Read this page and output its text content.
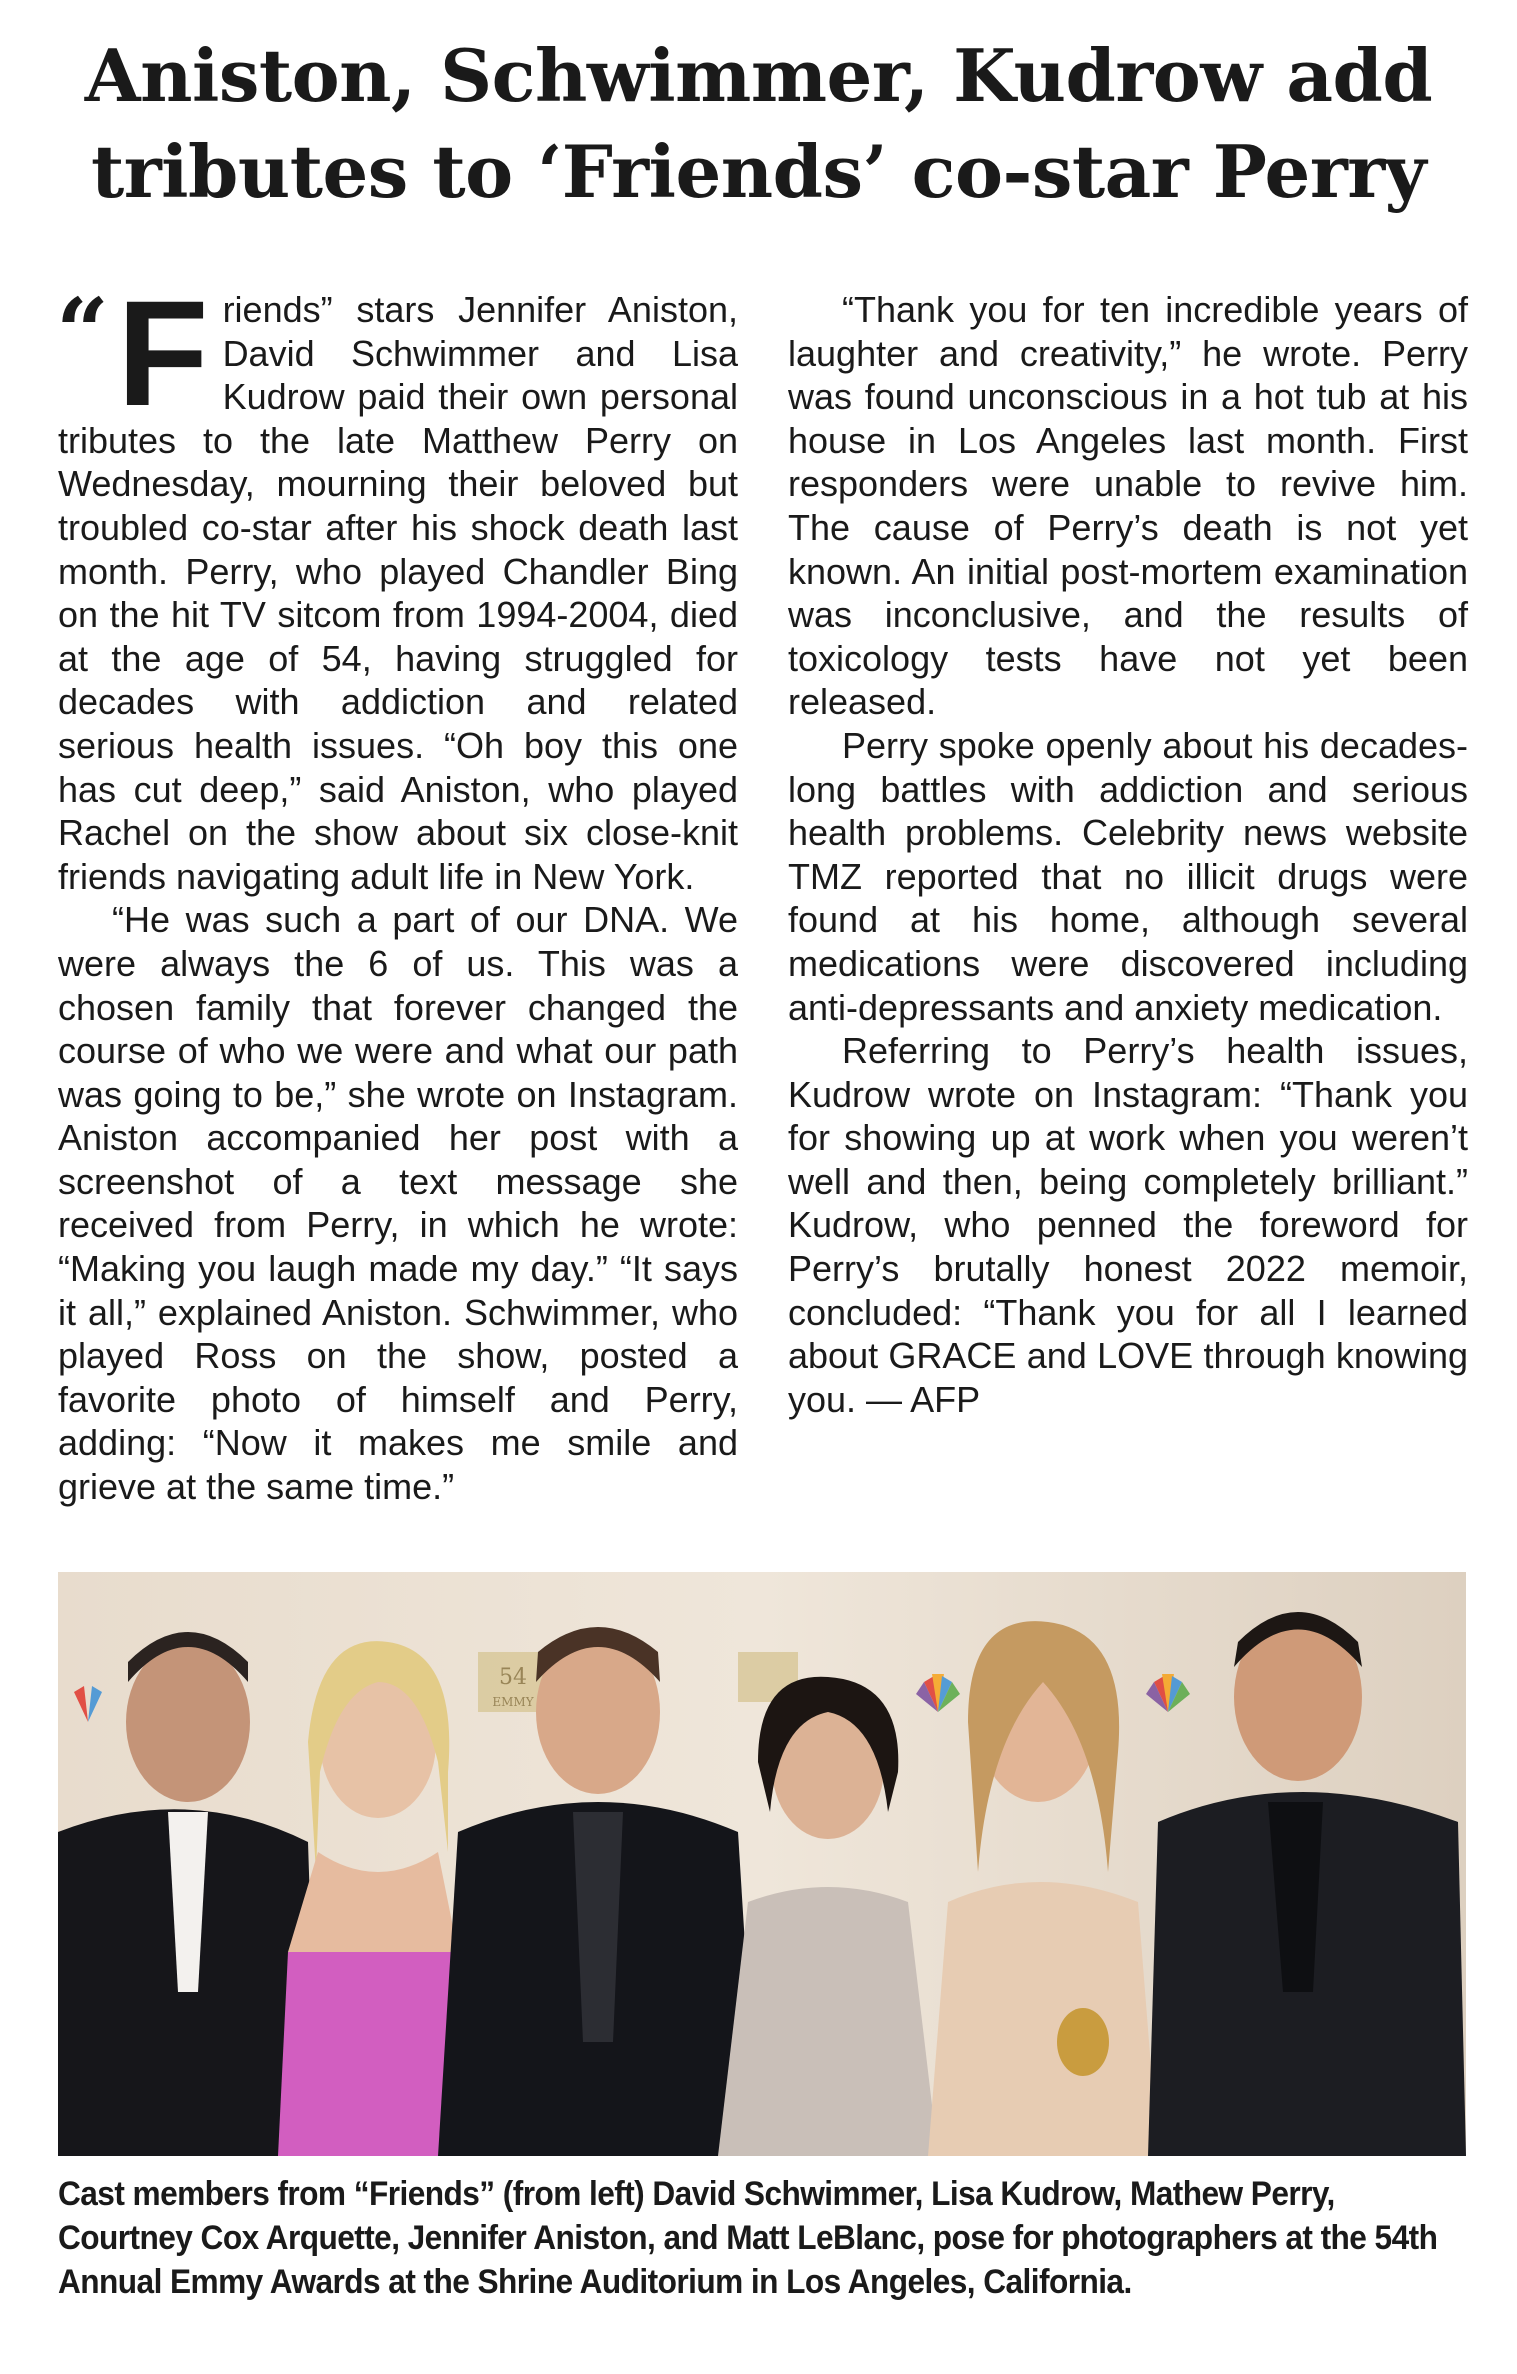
Aniston, Schwimmer, Kudrow add
tributes to ‘Friends’ co-star Perry

“ F riends” stars Jennifer Aniston, David Schwimmer and Lisa Kudrow paid their own personal tributes to the late Matthew Perry on Wednesday, mourning their beloved but troubled co-star after his shock death last month. Perry, who played Chandler Bing on the hit TV sitcom from 1994-2004, died at the age of 54, having struggled for decades with addiction and related serious health issues. “Oh boy this one has cut deep,” said Aniston, who played Rachel on the show about six close-knit friends navigating adult life in New York.

“He was such a part of our DNA. We were always the 6 of us. This was a chosen family that forever changed the course of who we were and what our path was going to be,” she wrote on Instagram. Aniston accompanied her post with a screenshot of a text message she received from Perry, in which he wrote: “Making you laugh made my day.” “It says it all,” explained Aniston. Schwimmer, who played Ross on the show, posted a favorite photo of himself and Perry, adding: “Now it makes me smile and grieve at the same time.”

“Thank you for ten incredible years of laughter and creativity,” he wrote. Perry was found unconscious in a hot tub at his house in Los Angeles last month. First responders were unable to revive him. The cause of Perry’s death is not yet known. An initial post-mortem examination was inconclusive, and the results of toxicology tests have not yet been released.

Perry spoke openly about his decades-long battles with addiction and serious health problems. Celebrity news website TMZ reported that no illicit drugs were found at his home, although several medications were discovered including anti-depressants and anxiety medication.

Referring to Perry’s health issues, Kudrow wrote on Instagram: “Thank you for showing up at work when you weren’t well and then, being completely brilliant.” Kudrow, who penned the foreword for Perry’s brutally honest 2022 memoir, concluded: “Thank you for all I learned about GRACE and LOVE through knowing you. — AFP

54
EMMY
Cast members from “Friends” (from left) David Schwimmer, Lisa Kudrow, Mathew Perry, Courtney Cox Arquette, Jennifer Aniston, and Matt LeBlanc, pose for photographers at the 54th Annual Emmy Awards at the Shrine Auditorium in Los Angeles, California.
